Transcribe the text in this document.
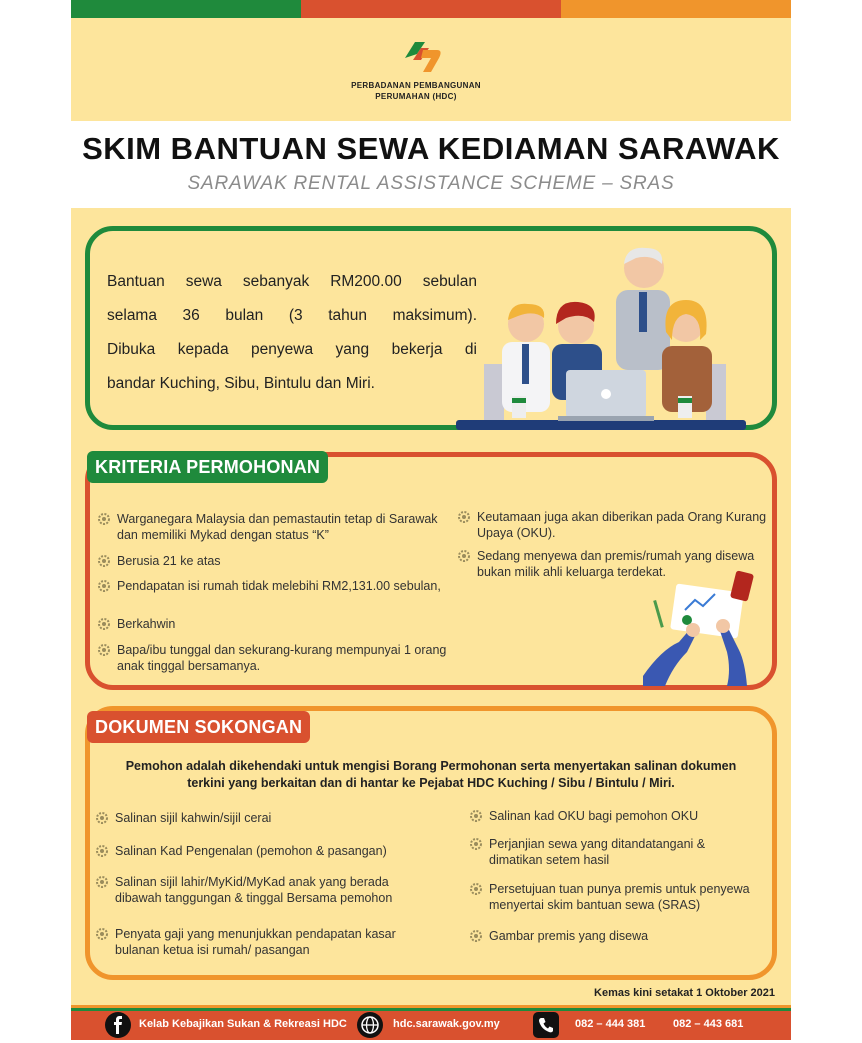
PERBADANAN PEMBANGUNAN
PERUMAHAN (HDC)
SKIM BANTUAN SEWA KEDIAMAN SARAWAK
SARAWAK RENTAL ASSISTANCE SCHEME – SRAS
Bantuan sewa sebanyak RM200.00 sebulan
selama 36 bulan (3 tahun maksimum).
Dibuka kepada penyewa yang bekerja di
bandar Kuching, Sibu, Bintulu dan Miri.
KRITERIA PERMOHONAN
Warganegara Malaysia dan pemastautin tetap di Sarawak dan memiliki Mykad dengan status “K”
Berusia 21 ke atas
Pendapatan isi rumah tidak melebihi RM2,131.00 sebulan,
Berkahwin
Bapa/ibu tunggal dan sekurang-kurang mempunyai 1 orang anak tinggal bersamanya.
Keutamaan juga akan diberikan pada Orang Kurang Upaya (OKU).
Sedang menyewa dan premis/rumah yang disewa bukan milik ahli keluarga terdekat.
DOKUMEN SOKONGAN
Pemohon adalah dikehendaki untuk mengisi Borang Permohonan serta menyertakan salinan dokumen
terkini yang berkaitan dan di hantar ke Pejabat HDC Kuching / Sibu / Bintulu / Miri.
Salinan sijil kahwin/sijil cerai
Salinan Kad Pengenalan (pemohon & pasangan)
Salinan sijil lahir/MyKid/MyKad anak yang berada dibawah tanggungan & tinggal Bersama pemohon
Penyata gaji yang menunjukkan pendapatan kasar bulanan ketua isi rumah/ pasangan
Salinan kad OKU bagi pemohon OKU
Perjanjian sewa yang ditandatangani & dimatikan setem hasil
Persetujuan tuan punya premis untuk penyewa menyertai skim bantuan sewa (SRAS)
Gambar premis yang disewa
Kemas kini setakat 1 Oktober 2021
Kelab Kebajikan Sukan & Rekreasi HDC	hdc.sarawak.gov.my	082 – 444 381	082 – 443 681
